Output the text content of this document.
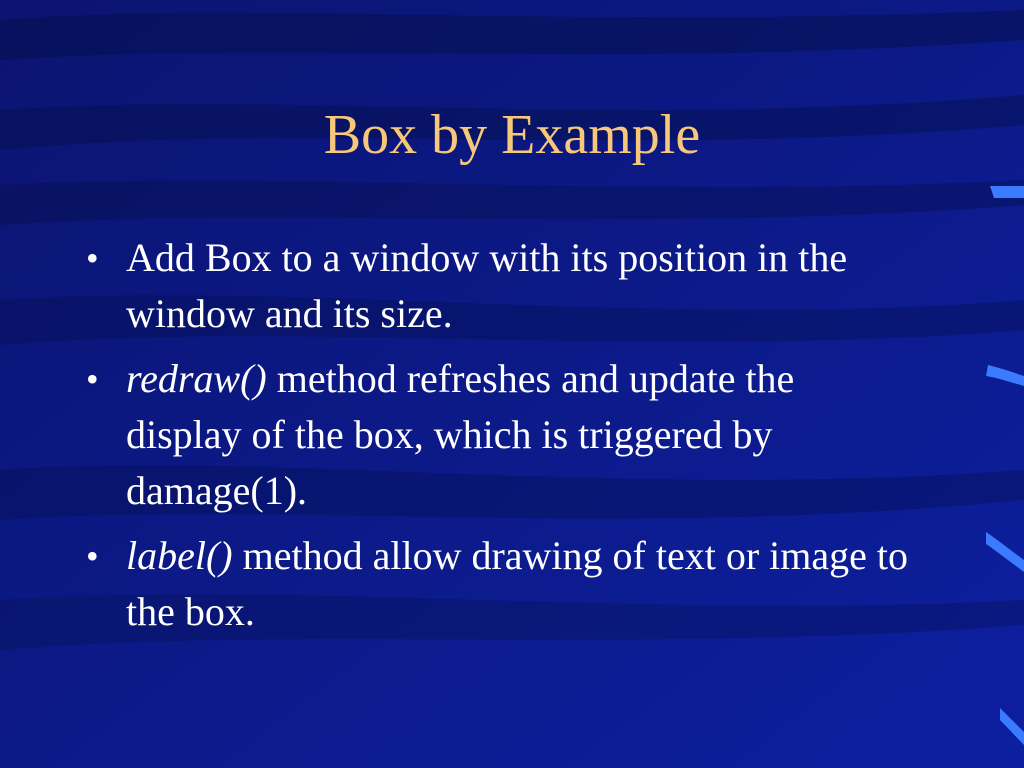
Box by Example
• Add Box to a window with its position in the window and its size.
• redraw() method refreshes and update the display of the box, which is triggered by damage(1).
• label() method allow drawing of text or image to the box.
